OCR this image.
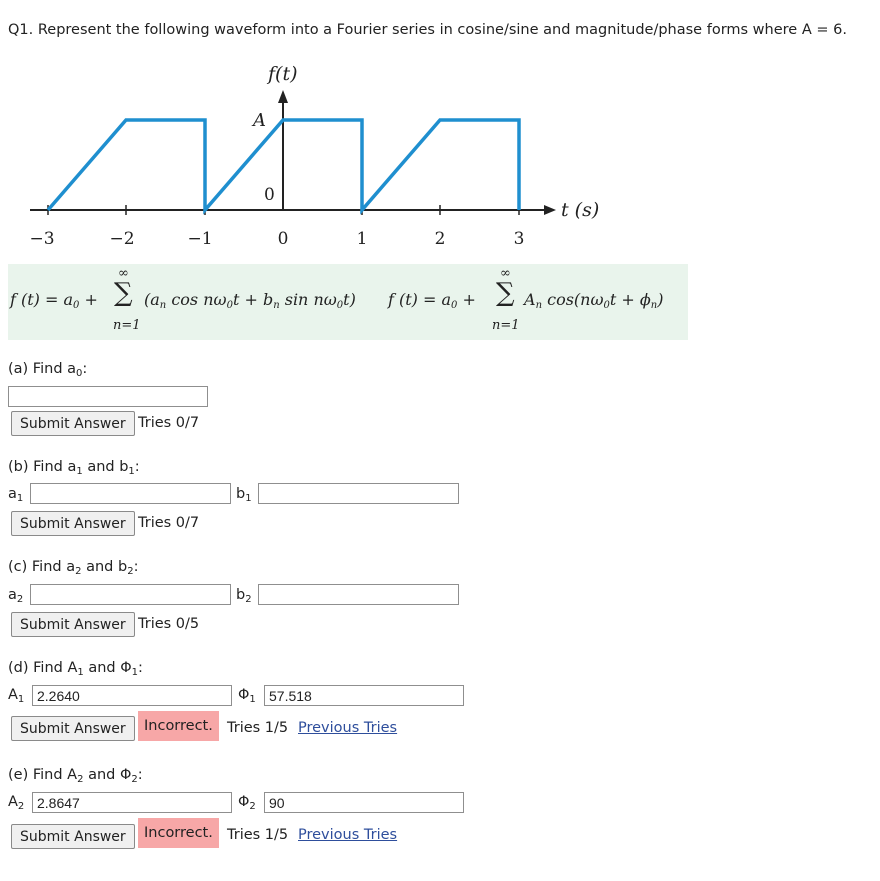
Q1. Represent the following waveform into a Fourier series in cosine/sine and magnitude/phase forms where A = 6.
f(t)
A
0
t (s)
−3	−2	−1	0	1	2	3
f $(t) = a_0$ +
∞
∑
n=1
($a_n$ $\cos n\omega_0t + b_n$ $\sin n\omega_0t$) f $(t) = a_0$ +
∞
∑
n=1
$A_n$ $\cos(n\omega_0t + \phi_n)$
(a) Find $a_0$:
Submit Answer Tries 0/7
(b) Find $a_1$ and $b_1$:
$a_1$	$b_1$
Submit Answer Tries 0/7
(c) Find $a_2$ and $b_2$:
$a_2$	$b_2$
Submit Answer Tries 0/5
(d) Find $A_1$ and $\Phi_1$:
$A_1$
2.2640	$\Phi_1$
57.518
Submit Answer	Incorrect. Tries 1/5 Previous Tries
(e) Find $A_2$ and $\Phi_2$:
$A_2$
2.8647	$\Phi_2$
90
Submit Answer	Incorrect. Tries 1/5 Previous Tries
